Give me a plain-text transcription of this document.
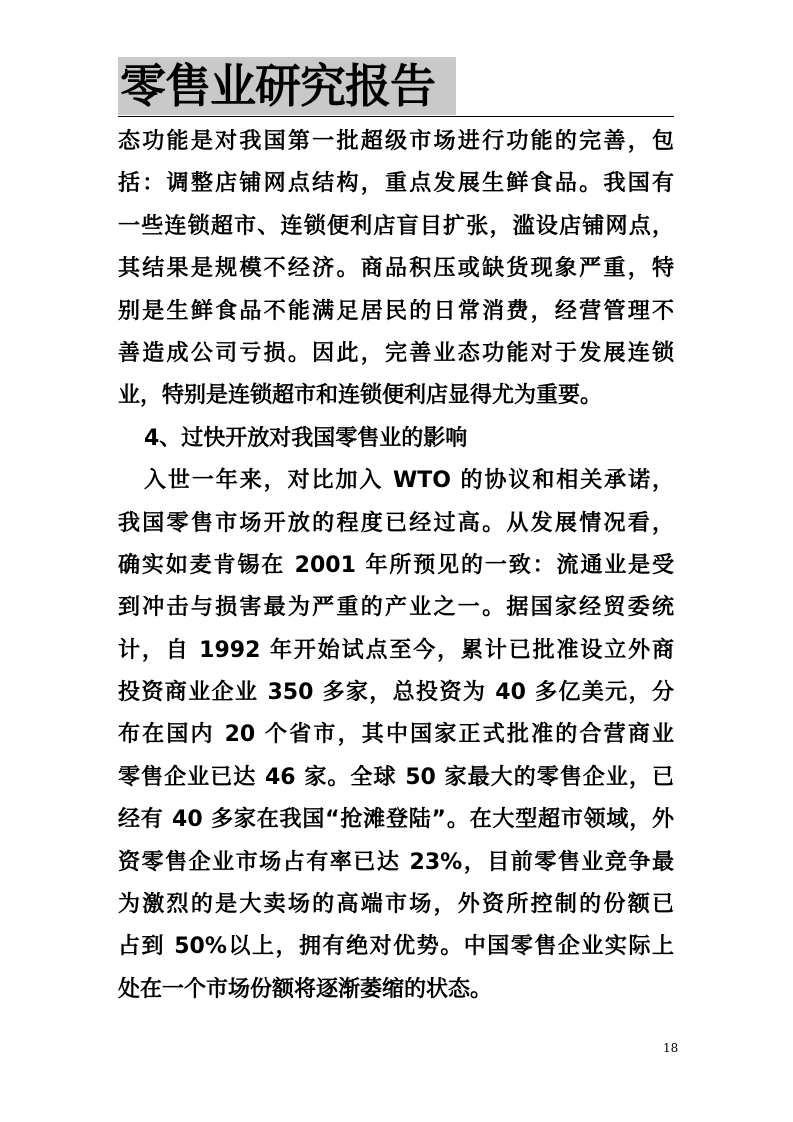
零售业研究报告
态功能是对我国第一批超级市场进行功能的完善，包
括：调整店铺网点结构，重点发展生鲜食品。我国有
一些连锁超市、连锁便利店盲目扩张，滥设店铺网点，
其结果是规模不经济。商品积压或缺货现象严重，特
别是生鲜食品不能满足居民的日常消费，经营管理不
善造成公司亏损。因此，完善业态功能对于发展连锁
业，特别是连锁超市和连锁便利店显得尤为重要。
4、过快开放对我国零售业的影响
入世一年来，对比加入 WTO 的协议和相关承诺，
我国零售市场开放的程度已经过高。从发展情况看，
确实如麦肯锡在 2001 年所预见的一致：流通业是受
到冲击与损害最为严重的产业之一。据国家经贸委统
计，自 1992 年开始试点至今，累计已批准设立外商
投资商业企业 350 多家，总投资为 40 多亿美元，分
布在国内 20 个省市，其中国家正式批准的合营商业
零售企业已达 46 家。全球 50 家最大的零售企业，已
经有 40 多家在我国“抢滩登陆”。在大型超市领域，外
资零售企业市场占有率已达 23%，目前零售业竞争最
为激烈的是大卖场的高端市场，外资所控制的份额已
占到 50%以上，拥有绝对优势。中国零售企业实际上
处在一个市场份额将逐渐萎缩的状态。
18
